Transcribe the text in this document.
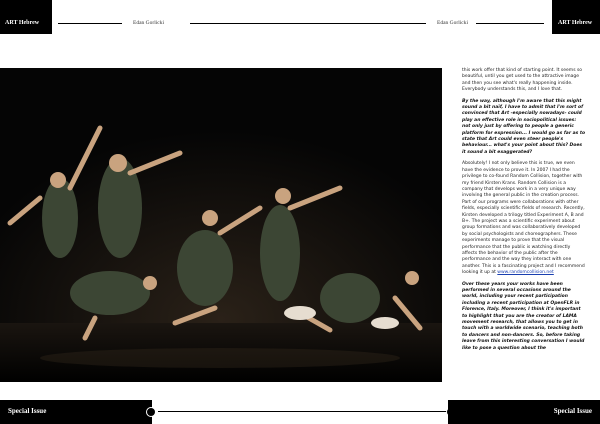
ART Hebrew	Edan Gorlicki	Edan Gorlicki	ART Hebrew

this work offer that kind of starting point. It seems so beautiful, until you get used to the attractive image and then you see what's really happening inside. Everybody understands this, and I love that.

By the way, although I'm aware that this might sound a bit naïf, I have to admit that I'm sort of convinced that Art -especially nowadays- could play an effective role in sociopolitical issues: not only just by offering to people a generic platform for expression... I would go as far as to state that Art could even steer people's behaviour... what's your point about this? Does it sound a bit exaggerated?

Absolutely! I not only believe this is true, we even have the evidence to prove it. In 2007 I had the privilege to co-found Random Collision, together with my friend Kirsten Krans. Random Collision is a company that develops work in a very unique way involving the general public in the creation process. Part of our programs were collaborations with other fields, especially scientific fields of research. Recently, Kirsten developed a trilogy titled Experiment A, B and B+. The project was a scientific experiment about group formations and was collaboratively developed by social psychologists and choreographers. These experiments manage to prove that the visual performance that the public is watching directly affects the behavior of the public after the performance and the way they interact with one another. This is a fascinating project and I recommend looking it up at www.randomcollision.net

Over these years your works have been performed in several occasions around the world, including your recent participation including a recent participation at OpenFLR in Florence, Italy. Moreover, I think it's important to highlight that you are the creator of LAMA movement research, that allows you to get in touch with a worldwide scenario, teaching both to dancers and non-dancers. So, before taking leave from this interesting conversation I would like to pose a question about the

Special Issue	Special Issue
